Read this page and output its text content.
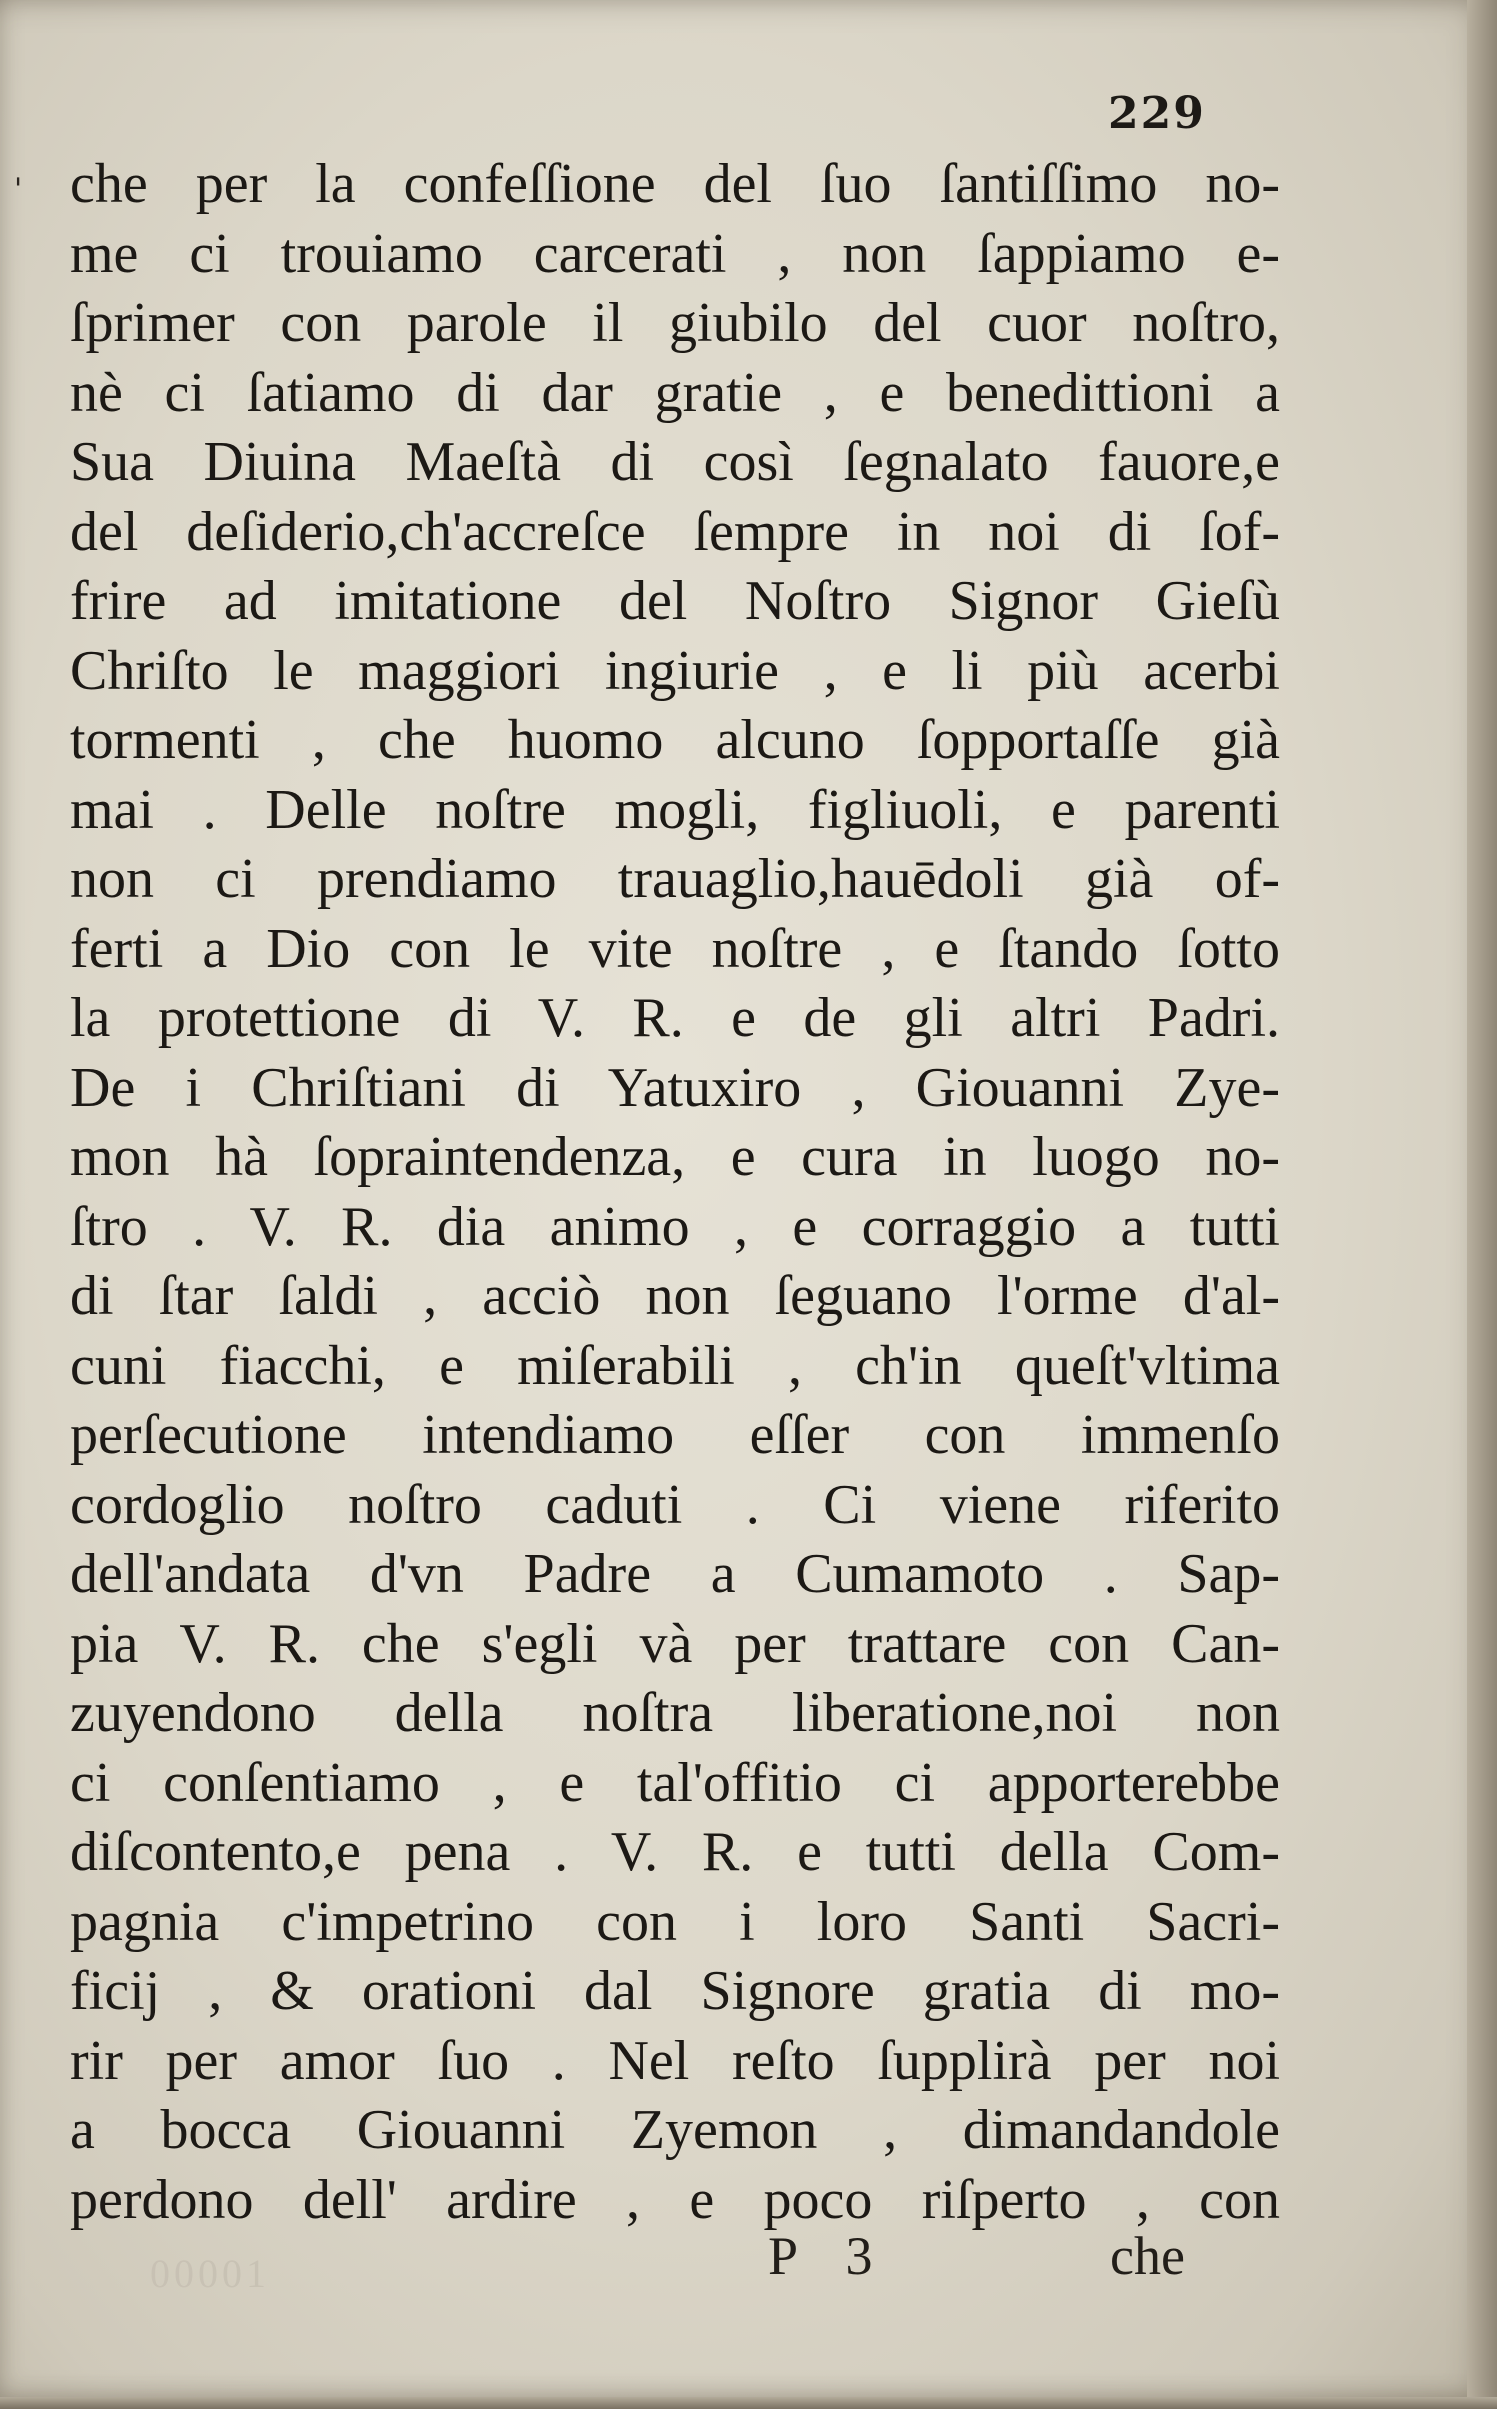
229
' che per la confeſſione del ſuo ſantiſſimo no-
me ci trouiamo carcerati , non ſappiamo e-
ſprimer con parole il giubilo del cuor noſtro,
nè ci ſatiamo di dar gratie , e benedittioni a
Sua Diuina Maeſtà di così ſegnalato fauore,e
del deſiderio,ch'accreſce ſempre in noi di ſof-
frire ad imitatione del Noſtro Signor Gieſù
Chriſto le maggiori ingiurie , e li più acerbi
tormenti , che huomo alcuno ſopportaſſe già
mai . Delle noſtre mogli, figliuoli, e parenti
non ci prendiamo trauaglio,hauēdoli già of-
ferti a Dio con le vite noſtre , e ſtando ſotto
la protettione di V. R. e de gli altri Padri.
De i Chriſtiani di Yatuxiro , Giouanni Zye-
mon hà ſopraintendenza, e cura in luogo no-
ſtro . V. R. dia animo , e corraggio a tutti
di ſtar ſaldi , acciò non ſeguano l'orme d'al-
cuni fiacchi, e miſerabili , ch'in queſt'vltima
perſecutione intendiamo eſſer con immenſo
cordoglio noſtro caduti . Ci viene riferito
dell'andata d'vn Padre a Cumamoto . Sap-
pia V. R. che s'egli và per trattare con Can-
zuyendono della noſtra liberatione,noi non
ci conſentiamo , e tal'offitio ci apporterebbe
diſcontento,e pena . V. R. e tutti della Com-
pagnia c'impetrino con i loro Santi Sacri-
ficij , & orationi dal Signore gratia di mo-
rir per amor ſuo . Nel reſto ſupplirà per noi
a bocca Giouanni Zyemon , dimandandole
perdono dell' ardire , e poco riſperto , con
00001	P 3	che
